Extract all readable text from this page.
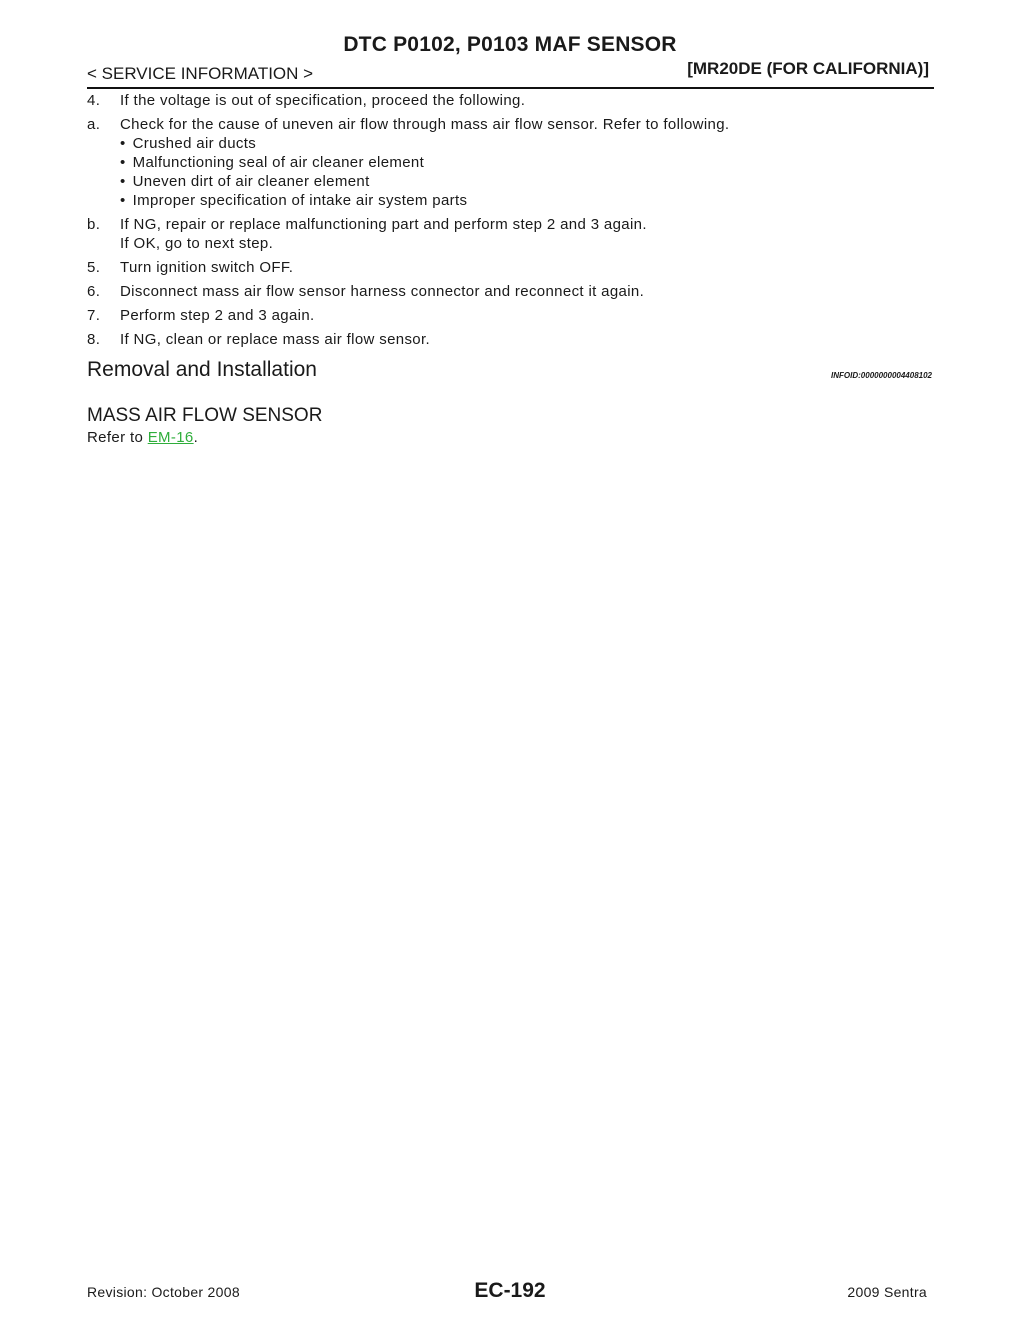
DTC P0102, P0103 MAF SENSOR
< SERVICE INFORMATION >	[MR20DE (FOR CALIFORNIA)]
4.	If the voltage is out of specification, proceed the following.
a.	Check for the cause of uneven air flow through mass air flow sensor. Refer to following.
• Crushed air ducts
• Malfunctioning seal of air cleaner element
• Uneven dirt of air cleaner element
• Improper specification of intake air system parts
b.	If NG, repair or replace malfunctioning part and perform step 2 and 3 again.
If OK, go to next step.
5.	Turn ignition switch OFF.
6.	Disconnect mass air flow sensor harness connector and reconnect it again.
7.	Perform step 2 and 3 again.
8.	If NG, clean or replace mass air flow sensor.
Removal and Installation	INFOID:0000000004408102
MASS AIR FLOW SENSOR
Refer to EM-16.
Revision: October 2008	EC-192	2009 Sentra
